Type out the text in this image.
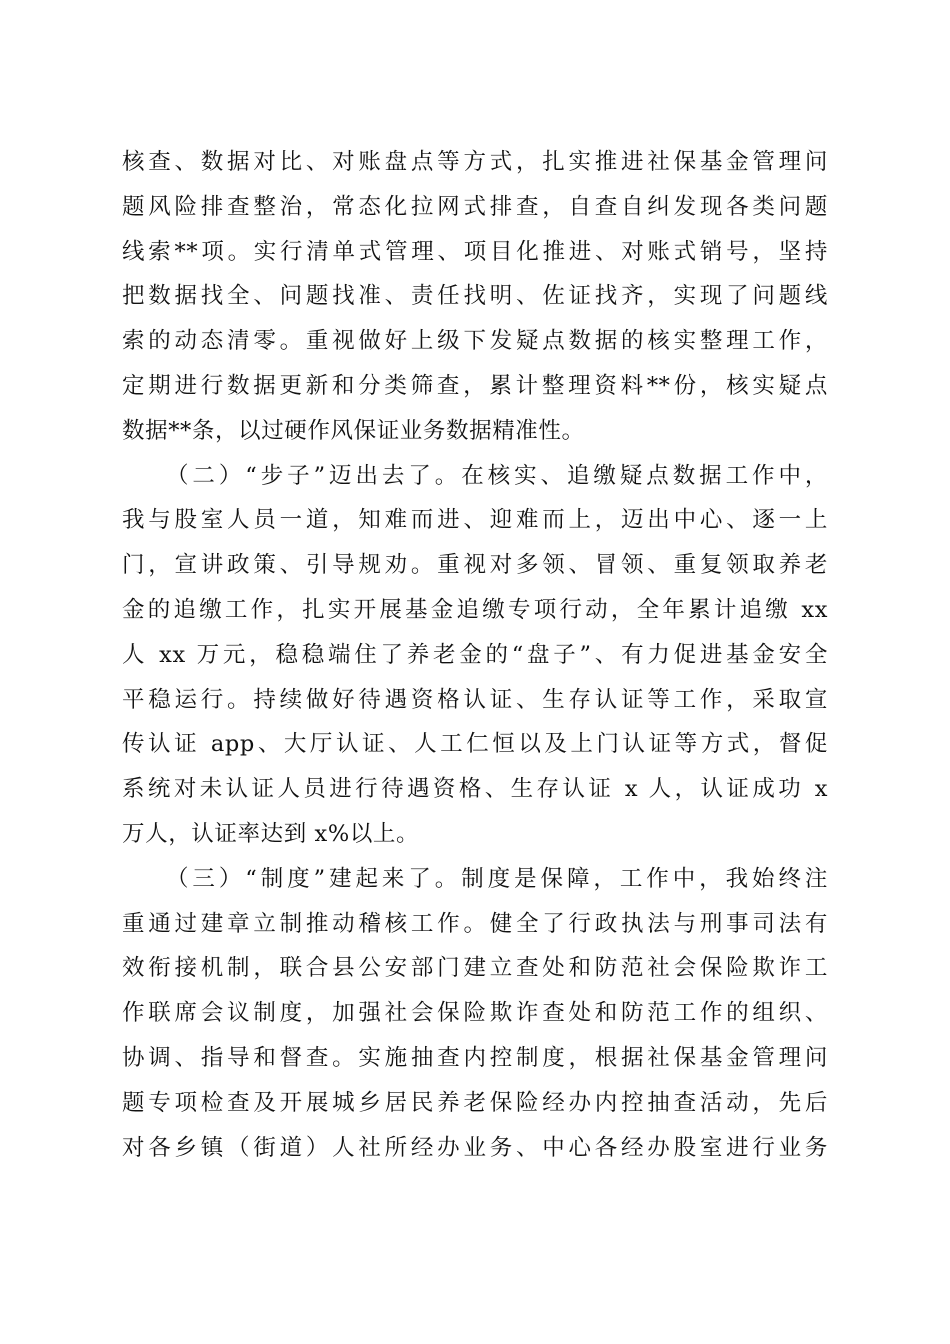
核查、数据对比、对账盘点等方式，扎实推进社保基金管理问
题风险排查整治，常态化拉网式排查，自查自纠发现各类问题
线索**项。实行清单式管理、项目化推进、对账式销号，坚持
把数据找全、问题找准、责任找明、佐证找齐，实现了问题线
索的动态清零。重视做好上级下发疑点数据的核实整理工作，
定期进行数据更新和分类筛查，累计整理资料**份，核实疑点
数据**条，以过硬作风保证业务数据精准性。
（二）“步子”迈出去了。在核实、追缴疑点数据工作中，
我与股室人员一道，知难而进、迎难而上，迈出中心、逐一上
门，宣讲政策、引导规劝。重视对多领、冒领、重复领取养老
金的追缴工作，扎实开展基金追缴专项行动，全年累计追缴 xx
人 xx 万元，稳稳端住了养老金的“盘子”、有力促进基金安全
平稳运行。持续做好待遇资格认证、生存认证等工作，采取宣
传认证 app、大厅认证、人工仁恒以及上门认证等方式，督促
系统对未认证人员进行待遇资格、生存认证 x 人，认证成功 x
万人，认证率达到 x%以上。
（三）“制度”建起来了。制度是保障，工作中，我始终注
重通过建章立制推动稽核工作。健全了行政执法与刑事司法有
效衔接机制，联合县公安部门建立查处和防范社会保险欺诈工
作联席会议制度，加强社会保险欺诈查处和防范工作的组织、
协调、指导和督查。实施抽查内控制度，根据社保基金管理问
题专项检查及开展城乡居民养老保险经办内控抽查活动，先后
对各乡镇（街道）人社所经办业务、中心各经办股室进行业务
